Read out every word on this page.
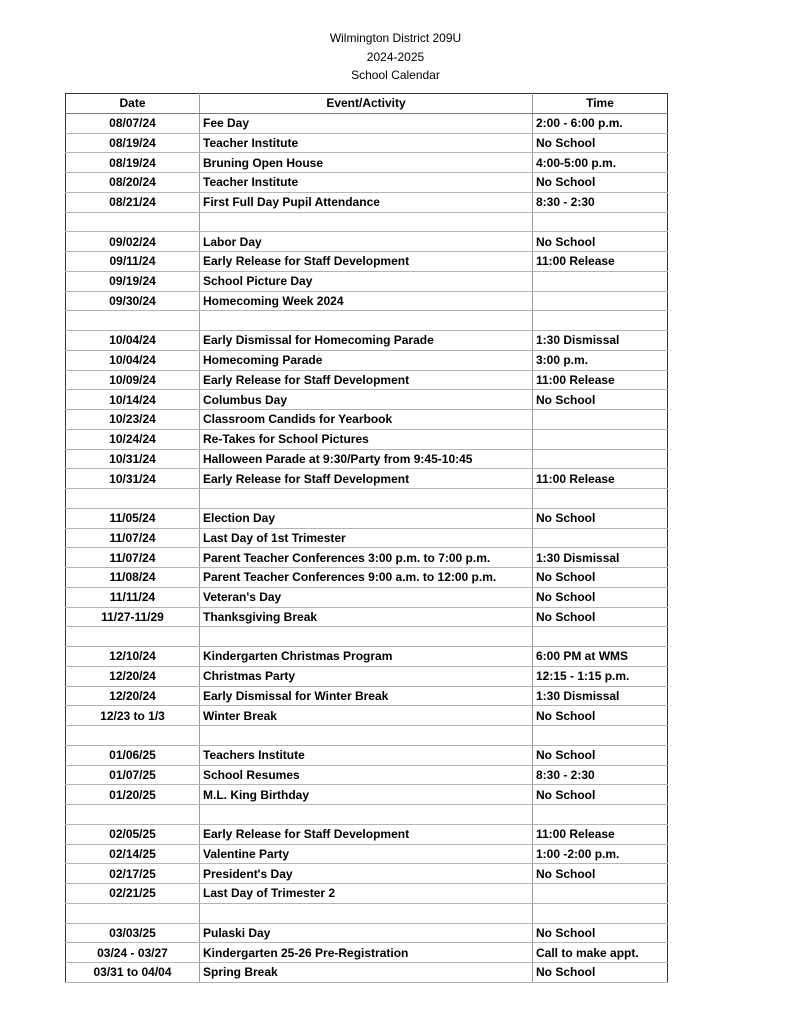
Wilmington District 209U
2024-2025
School Calendar
Date	Event/Activity	Time
08/07/24	Fee Day	2:00 - 6:00 p.m.
08/19/24	Teacher Institute	No School
08/19/24	Bruning Open House	4:00-5:00 p.m.
08/20/24	Teacher Institute	No School
08/21/24	First Full Day Pupil Attendance	8:30 - 2:30

09/02/24	Labor Day	No School
09/11/24	Early Release for Staff Development	11:00 Release
09/19/24	School Picture Day	
09/30/24	Homecoming Week 2024	

10/04/24	Early Dismissal for Homecoming Parade	1:30 Dismissal
10/04/24	Homecoming Parade	3:00 p.m.
10/09/24	Early Release for Staff Development	11:00 Release
10/14/24	Columbus Day	No School
10/23/24	Classroom Candids for Yearbook	
10/24/24	Re-Takes for School Pictures	
10/31/24	Halloween Parade at 9:30/Party from 9:45-10:45	
10/31/24	Early Release for Staff Development	11:00 Release

11/05/24	Election Day	No School
11/07/24	Last Day of 1st Trimester	
11/07/24	Parent Teacher Conferences 3:00 p.m. to 7:00 p.m.	1:30 Dismissal
11/08/24	Parent Teacher Conferences 9:00 a.m. to 12:00 p.m.	No School
11/11/24	Veteran's Day	No School
11/27-11/29	Thanksgiving Break	No School

12/10/24	Kindergarten Christmas Program	6:00 PM at WMS
12/20/24	Christmas Party	12:15 - 1:15 p.m.
12/20/24	Early Dismissal for Winter Break	1:30 Dismissal
12/23 to 1/3	Winter Break	No School

01/06/25	Teachers Institute	No School
01/07/25	School Resumes	8:30 - 2:30
01/20/25	M.L. King Birthday	No School

02/05/25	Early Release for Staff Development	11:00 Release
02/14/25	Valentine Party	1:00 -2:00 p.m.
02/17/25	President's Day	No School
02/21/25	Last Day of Trimester 2	

03/03/25	Pulaski Day	No School
03/24 - 03/27	Kindergarten 25-26 Pre-Registration	Call to make appt.
03/31 to 04/04	Spring Break	No School
